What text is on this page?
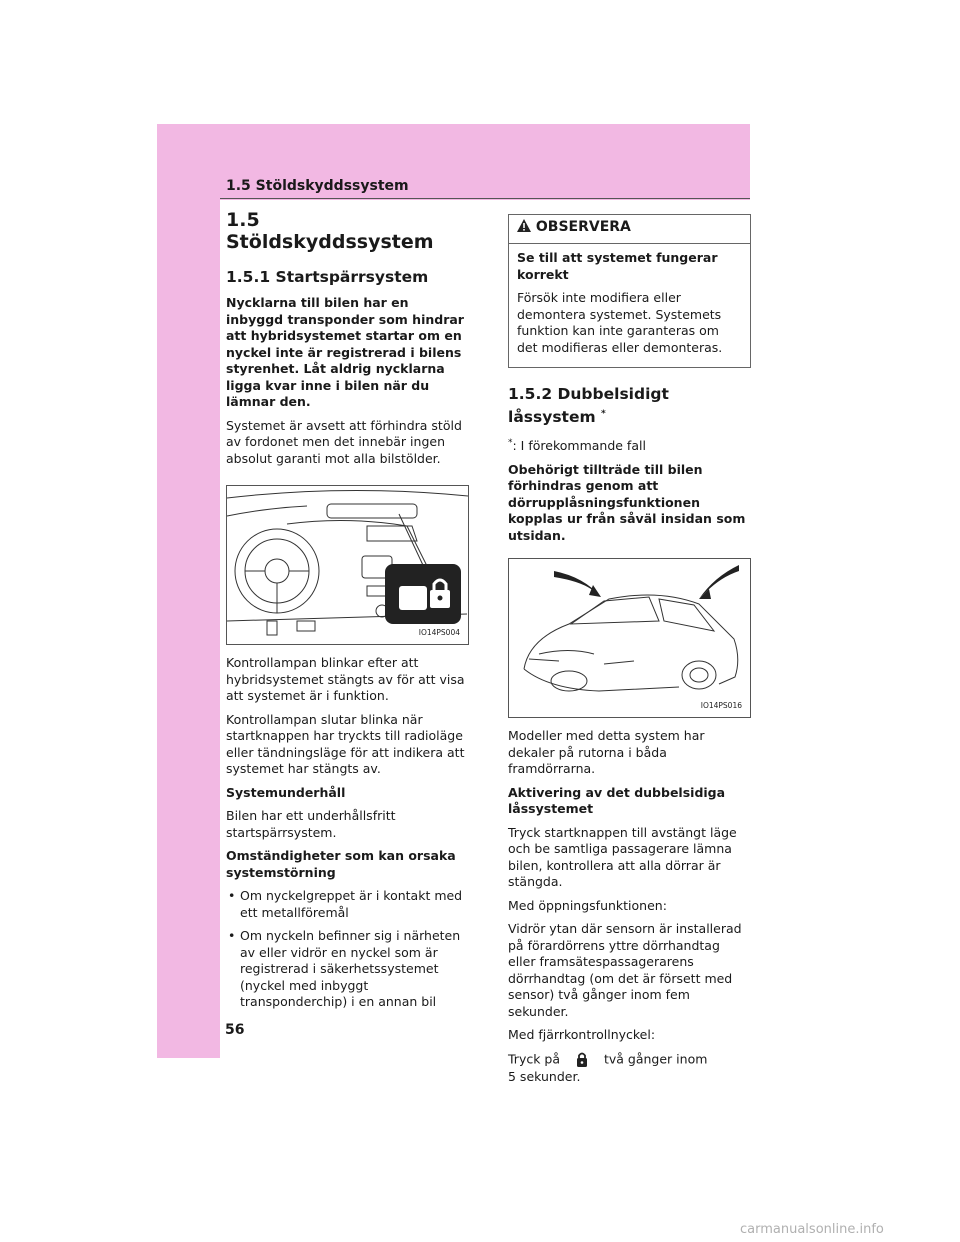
1.5 Stöldskyddssystem
1.5 Stöldskyddssystem
1.5.1 Startspärrsystem

Nycklarna till bilen har en inbyggd transponder som hindrar att hybridsystemet startar om en nyckel inte är registrerad i bilens styrenhet. Låt aldrig nycklarna ligga kvar inne i bilen när du lämnar den.

Systemet är avsett att förhindra stöld av fordonet men det innebär ingen absolut garanti mot alla bilstölder.

IO14PS004

Kontrollampan blinkar efter att hybridsystemet stängts av för att visa att systemet är i funktion.

Kontrollampan slutar blinka när startknappen har tryckts till radioläge eller tändningsläge för att indikera att systemet har stängts av.

Systemunderhåll

Bilen har ett underhållsfritt startspärrsystem.

Omständigheter som kan orsaka systemstörning

• Om nyckelgreppet är i kontakt med ett metallföremål
• Om nyckeln befinner sig i närheten av eller vidrör en nyckel som är registrerad i säkerhetssystemet (nyckel med inbyggt transponderchip) i en annan bil
OBSERVERA

Se till att systemet fungerar korrekt

Försök inte modifiera eller demontera systemet. Systemets funktion kan inte garanteras om det modifieras eller demonteras.

1.5.2 Dubbelsidigt låssystem *

*: I förekommande fall

Obehörigt tillträde till bilen förhindras genom att dörrupplåsningsfunktionen kopplas ur från såväl insidan som utsidan.

IO14PS016

Modeller med detta system har dekaler på rutorna i båda framdörrarna.

Aktivering av det dubbelsidiga låssystemet

Tryck startknappen till avstängt läge och be samtliga passagerare lämna bilen, kontrollera att alla dörrar är stängda.

Med öppningsfunktionen:

Vidrör ytan där sensorn är installerad på förardörrens yttre dörrhandtag eller framsätespassagerarens dörrhandtag (om det är försett med sensor) två gånger inom fem sekunder.

Med fjärrkontrollnyckel:

Tryck på	två gånger inom
5 sekunder.

56
carmanualsonline.info
